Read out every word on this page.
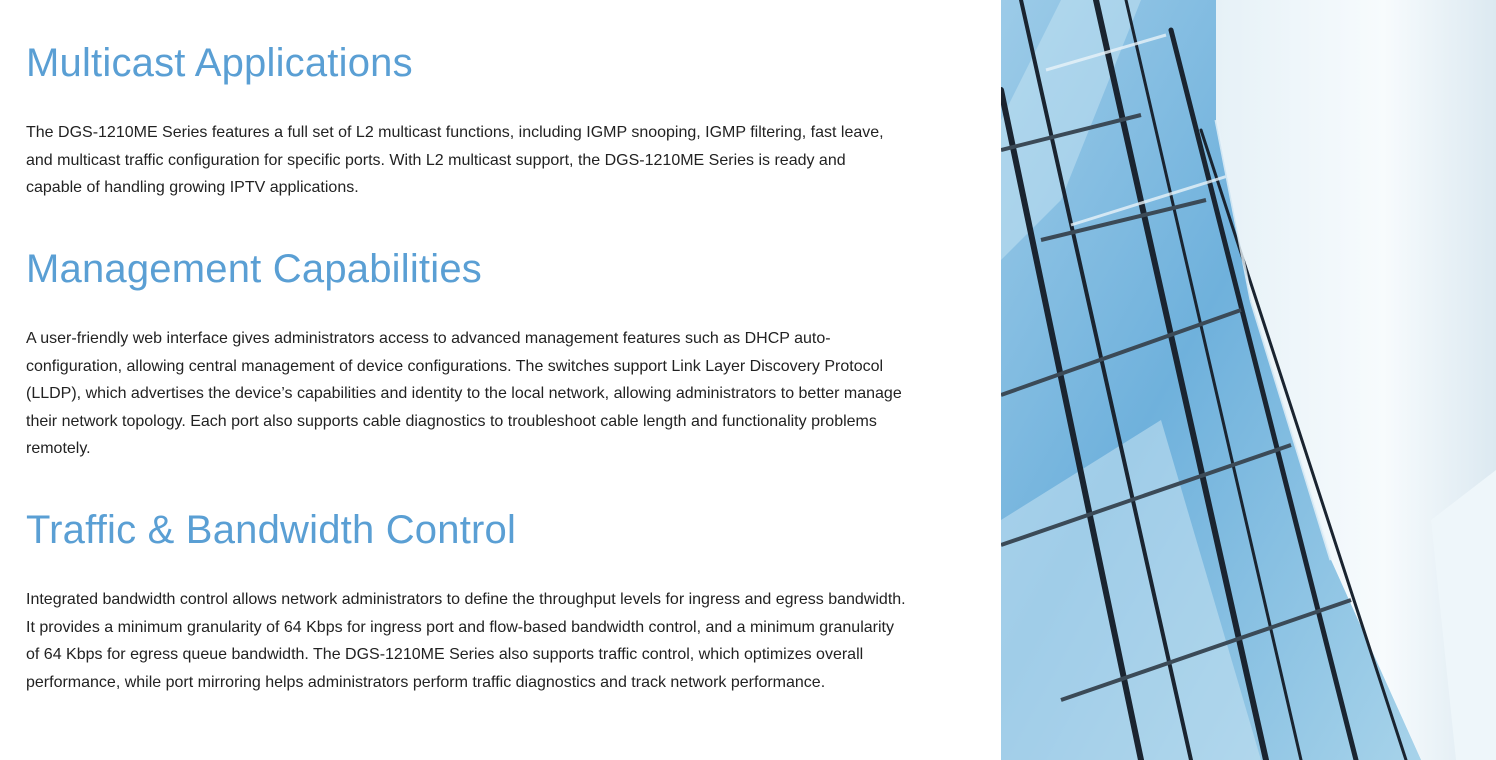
Multicast Applications

The DGS-1210ME Series features a full set of L2 multicast functions, including IGMP snooping, IGMP filtering, fast leave, and multicast traffic configuration for specific ports. With L2 multicast support, the DGS-1210ME Series is ready and capable of handling growing IPTV applications.

Management Capabilities

A user-friendly web interface gives administrators access to advanced management features such as DHCP auto-configuration, allowing central management of device configurations. The switches support Link Layer Discovery Protocol (LLDP), which advertises the device’s capabilities and identity to the local network, allowing administrators to better manage their network topology. Each port also supports cable diagnostics to troubleshoot cable length and functionality problems remotely.

Traffic & Bandwidth Control

Integrated bandwidth control allows network administrators to define the throughput levels for ingress and egress bandwidth. It provides a minimum granularity of 64 Kbps for ingress port and flow-based bandwidth control, and a minimum granularity of 64 Kbps for egress queue bandwidth. The DGS-1210ME Series also supports traffic control, which optimizes overall performance, while port mirroring helps administrators perform traffic diagnostics and track network performance.
